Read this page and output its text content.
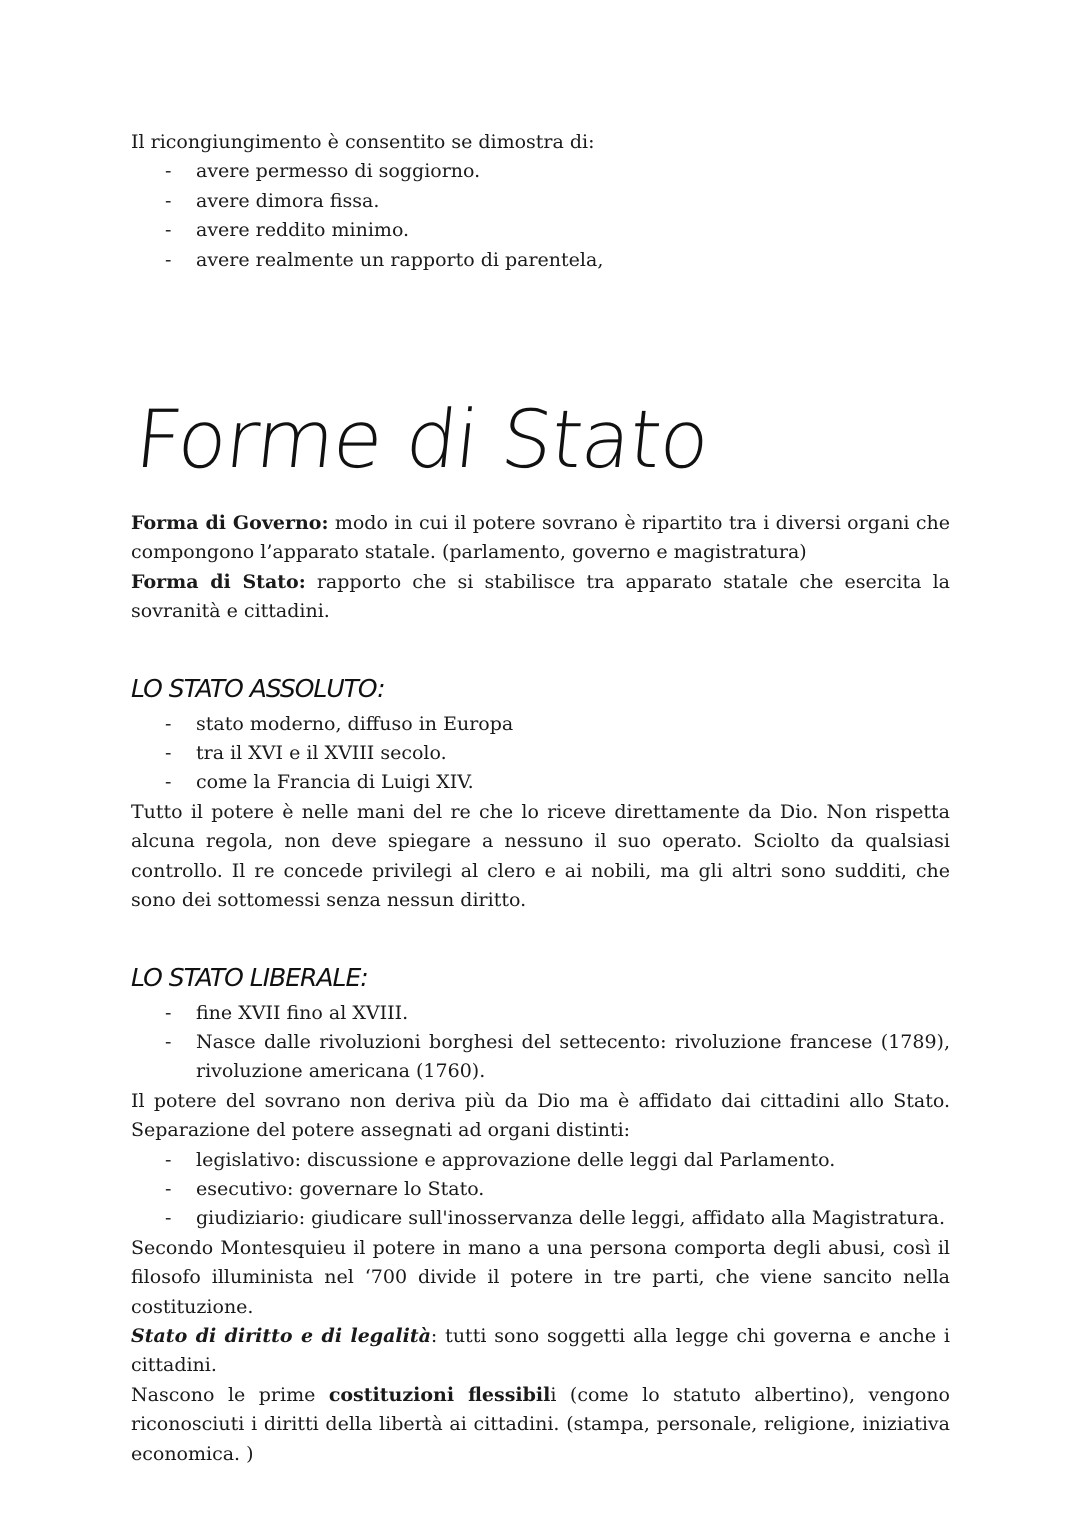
Il ricongiungimento è consentito se dimostra di:

- avere permesso di soggiorno.
- avere dimora fissa.
- avere reddito minimo.
- avere realmente un rapporto di parentela,
Forme di Stato

Forma di Governo: modo in cui il potere sovrano è ripartito tra i diversi organi che compongono l’apparato statale. (parlamento, governo e magistratura)

Forma di Stato: rapporto che si stabilisce tra apparato statale che esercita la sovranità e cittadini.

LO STATO ASSOLUTO:
- stato moderno, diffuso in Europa
- tra il XVI e il XVIII secolo.
- come la Francia di Luigi XIV.

Tutto il potere è nelle mani del re che lo riceve direttamente da Dio. Non rispetta alcuna regola, non deve spiegare a nessuno il suo operato. Sciolto da qualsiasi controllo. Il re concede privilegi al clero e ai nobili, ma gli altri sono sudditi, che sono dei sottomessi senza nessun diritto.

LO STATO LIBERALE:
- fine XVII fino al XVIII.
- Nasce dalle rivoluzioni borghesi del settecento: rivoluzione francese (1789), rivoluzione americana (1760).

Il potere del sovrano non deriva più da Dio ma è affidato dai cittadini allo Stato. Separazione del potere assegnati ad organi distinti:

- legislativo: discussione e approvazione delle leggi dal Parlamento.
- esecutivo: governare lo Stato.
- giudiziario: giudicare sull'inosservanza delle leggi, affidato alla Magistratura.

Secondo Montesquieu il potere in mano a una persona comporta degli abusi, così il filosofo illuminista nel ‘700 divide il potere in tre parti, che viene sancito nella costituzione.

Stato di diritto e di legalità: tutti sono soggetti alla legge chi governa e anche i cittadini.

Nascono le prime costituzioni flessibili (come lo statuto albertino), vengono riconosciuti i diritti della libertà ai cittadini. (stampa, personale, religione, iniziativa economica. )
